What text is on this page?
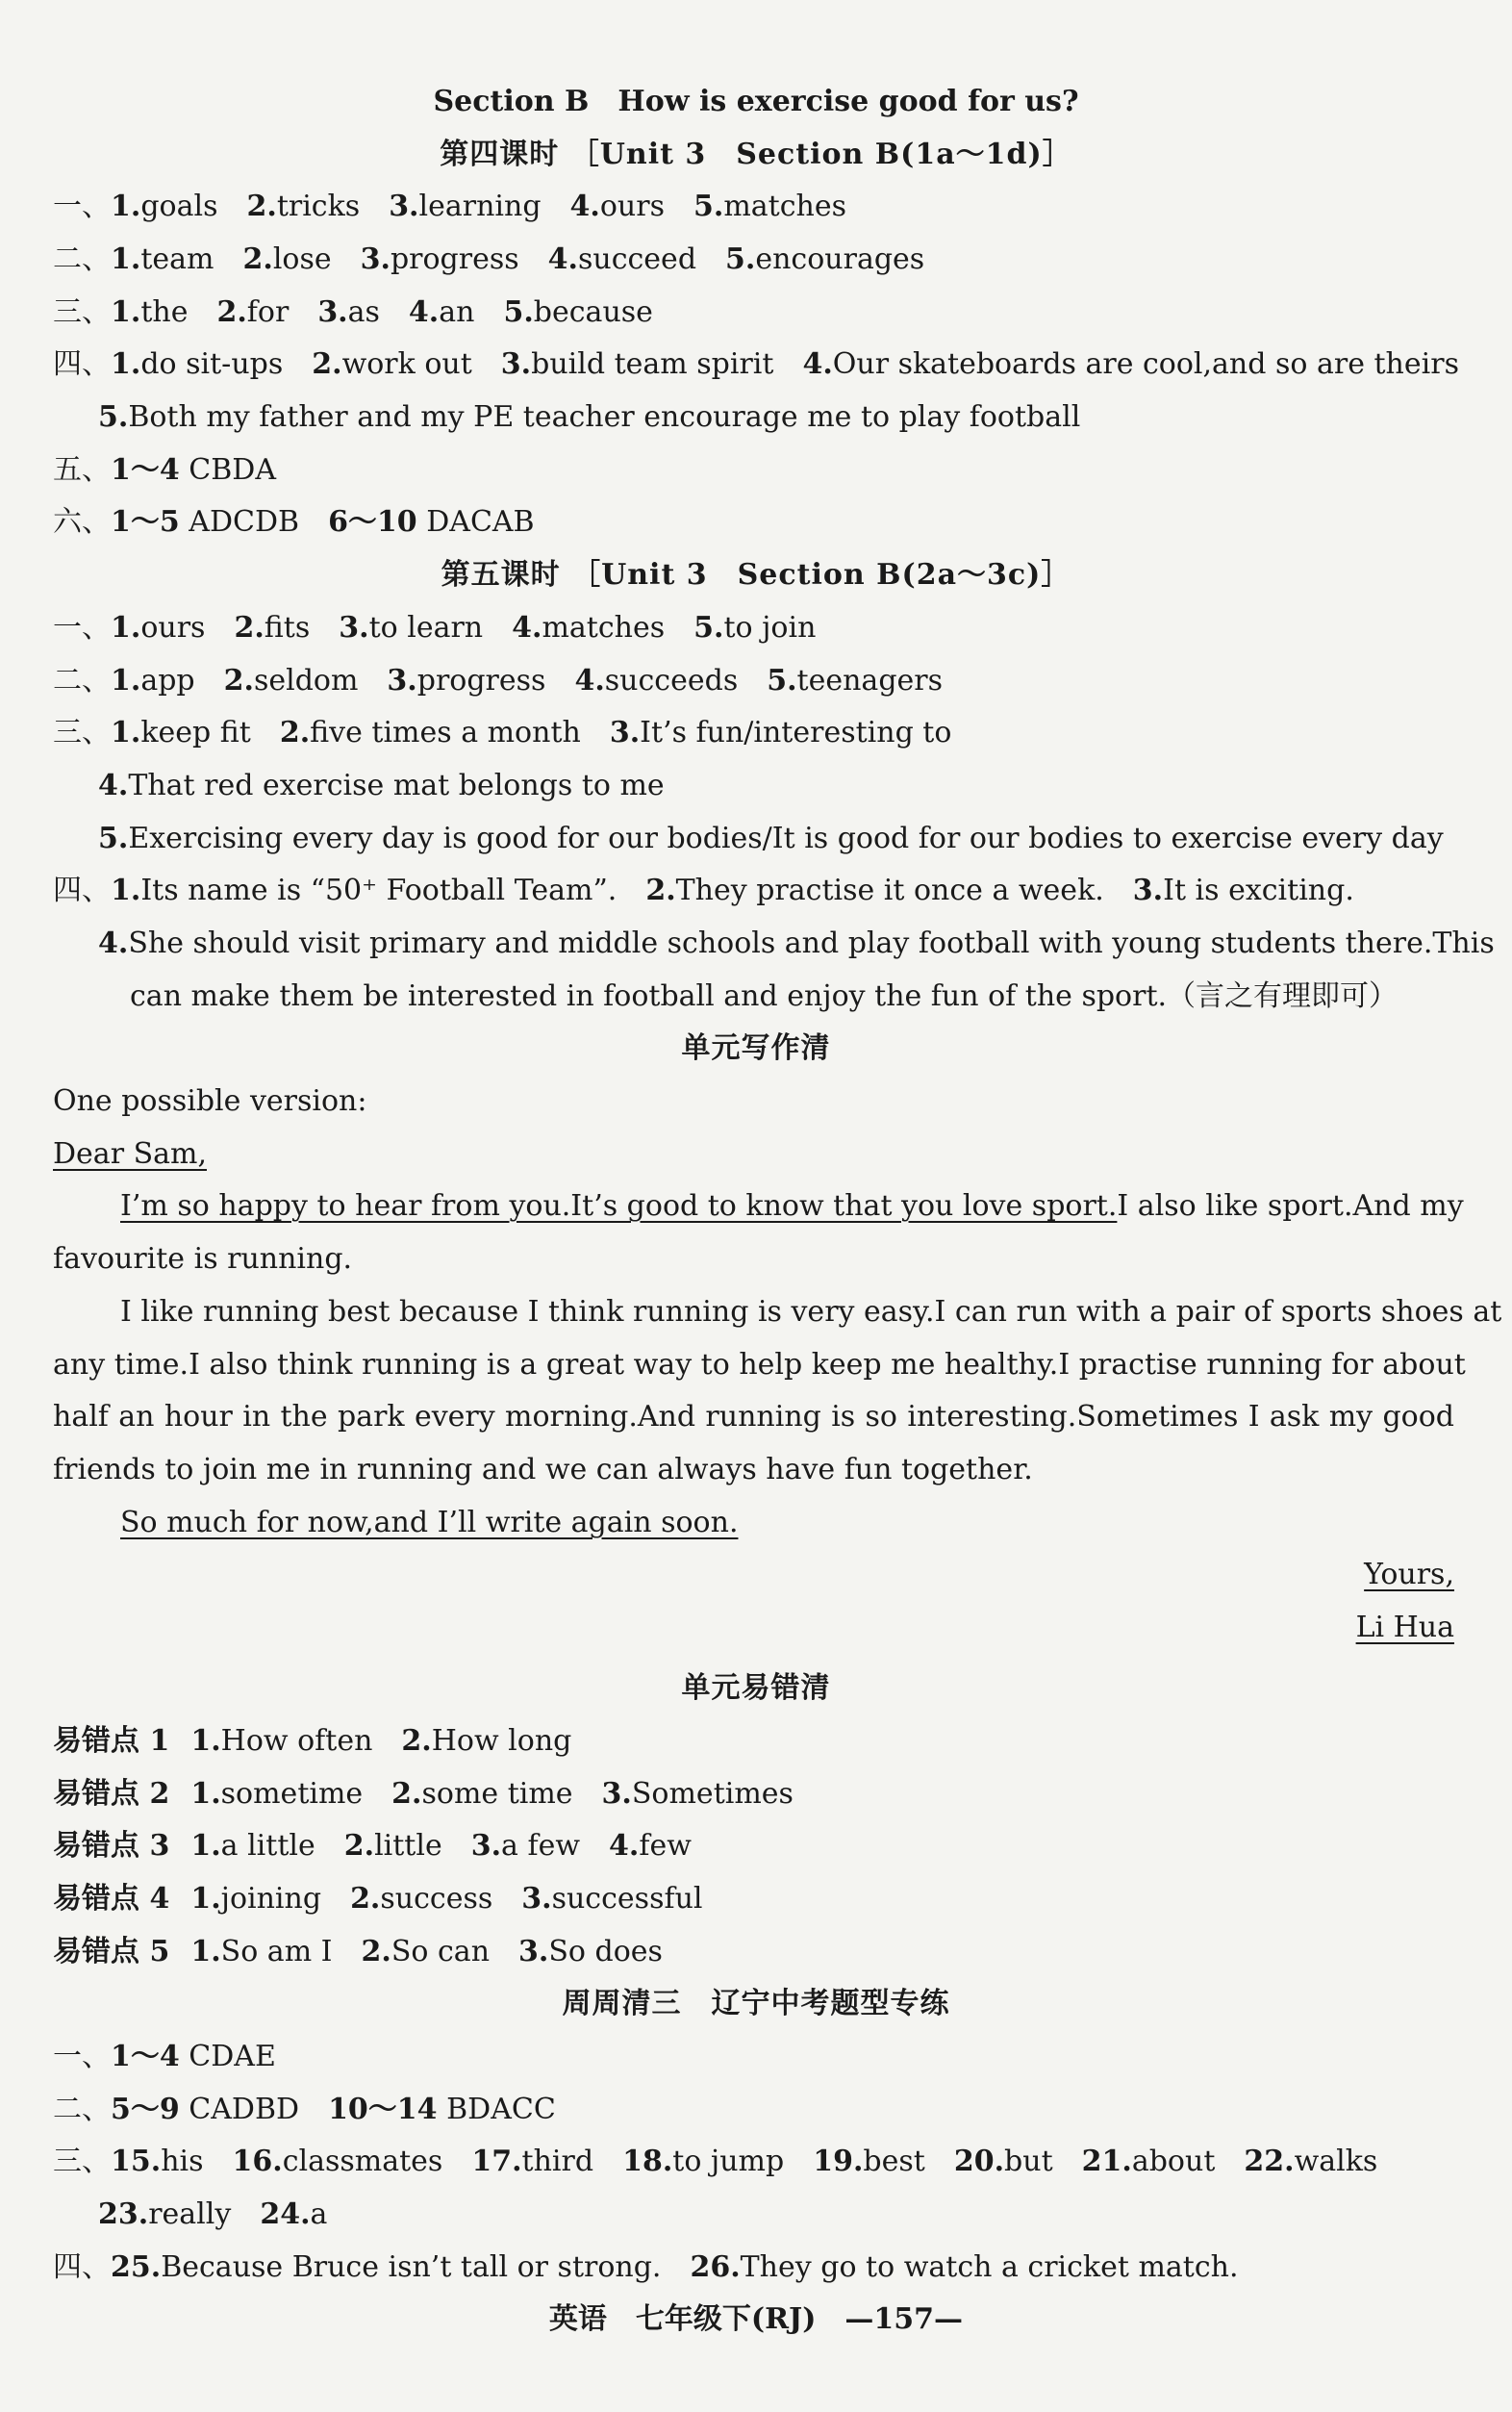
Section B　How is exercise good for us?
第四课时 ［Unit 3　Section B(1a～1d)］
一、1.goals 2.tricks 3.learning 4.ours 5.matches
二、1.team 2.lose 3.progress 4.succeed 5.encourages
三、1.the 2.for 3.as 4.an 5.because
四、1.do sit-ups 2.work out 3.build team spirit 4.Our skateboards are cool,and so are theirs
5.Both my father and my PE teacher encourage me to play football
五、1～4 CBDA
六、1～5 ADCDB 6～10 DACAB
第五课时 ［Unit 3　Section B(2a～3c)］
一、1.ours 2.fits 3.to learn 4.matches 5.to join
二、1.app 2.seldom 3.progress 4.succeeds 5.teenagers
三、1.keep fit 2.five times a month 3.It’s fun/interesting to
4.That red exercise mat belongs to me
5.Exercising every day is good for our bodies/It is good for our bodies to exercise every day
四、1.Its name is “50⁺ Football Team”. 2.They practise it once a week. 3.It is exciting.
4.She should visit primary and middle schools and play football with young students there.This
can make them be interested in football and enjoy the fun of the sport.（言之有理即可）
单元写作清
One possible version:
Dear Sam,
I’m so happy to hear from you.It’s good to know that you love sport.I also like sport.And my
favourite is running.
I like running best because I think running is very easy.I can run with a pair of sports shoes at
any time.I also think running is a great way to help keep me healthy.I practise running for about
half an hour in the park every morning.And running is so interesting.Sometimes I ask my good
friends to join me in running and we can always have fun together.
So much for now,and I’ll write again soon.
Yours,
Li Hua
单元易错清
易错点 1 1.How often 2.How long
易错点 2 1.sometime 2.some time 3.Sometimes
易错点 3 1.a little 2.little 3.a few 4.few
易错点 4 1.joining 2.success 3.successful
易错点 5 1.So am I 2.So can 3.So does
周周清三　辽宁中考题型专练
一、1～4 CDAE
二、5～9 CADBD 10～14 BDACC
三、15.his 16.classmates 17.third 18.to jump 19.best 20.but 21.about 22.walks
23.really 24.a
四、25.Because Bruce isn’t tall or strong. 26.They go to watch a cricket match.
英语　七年级下(RJ)　—157—
